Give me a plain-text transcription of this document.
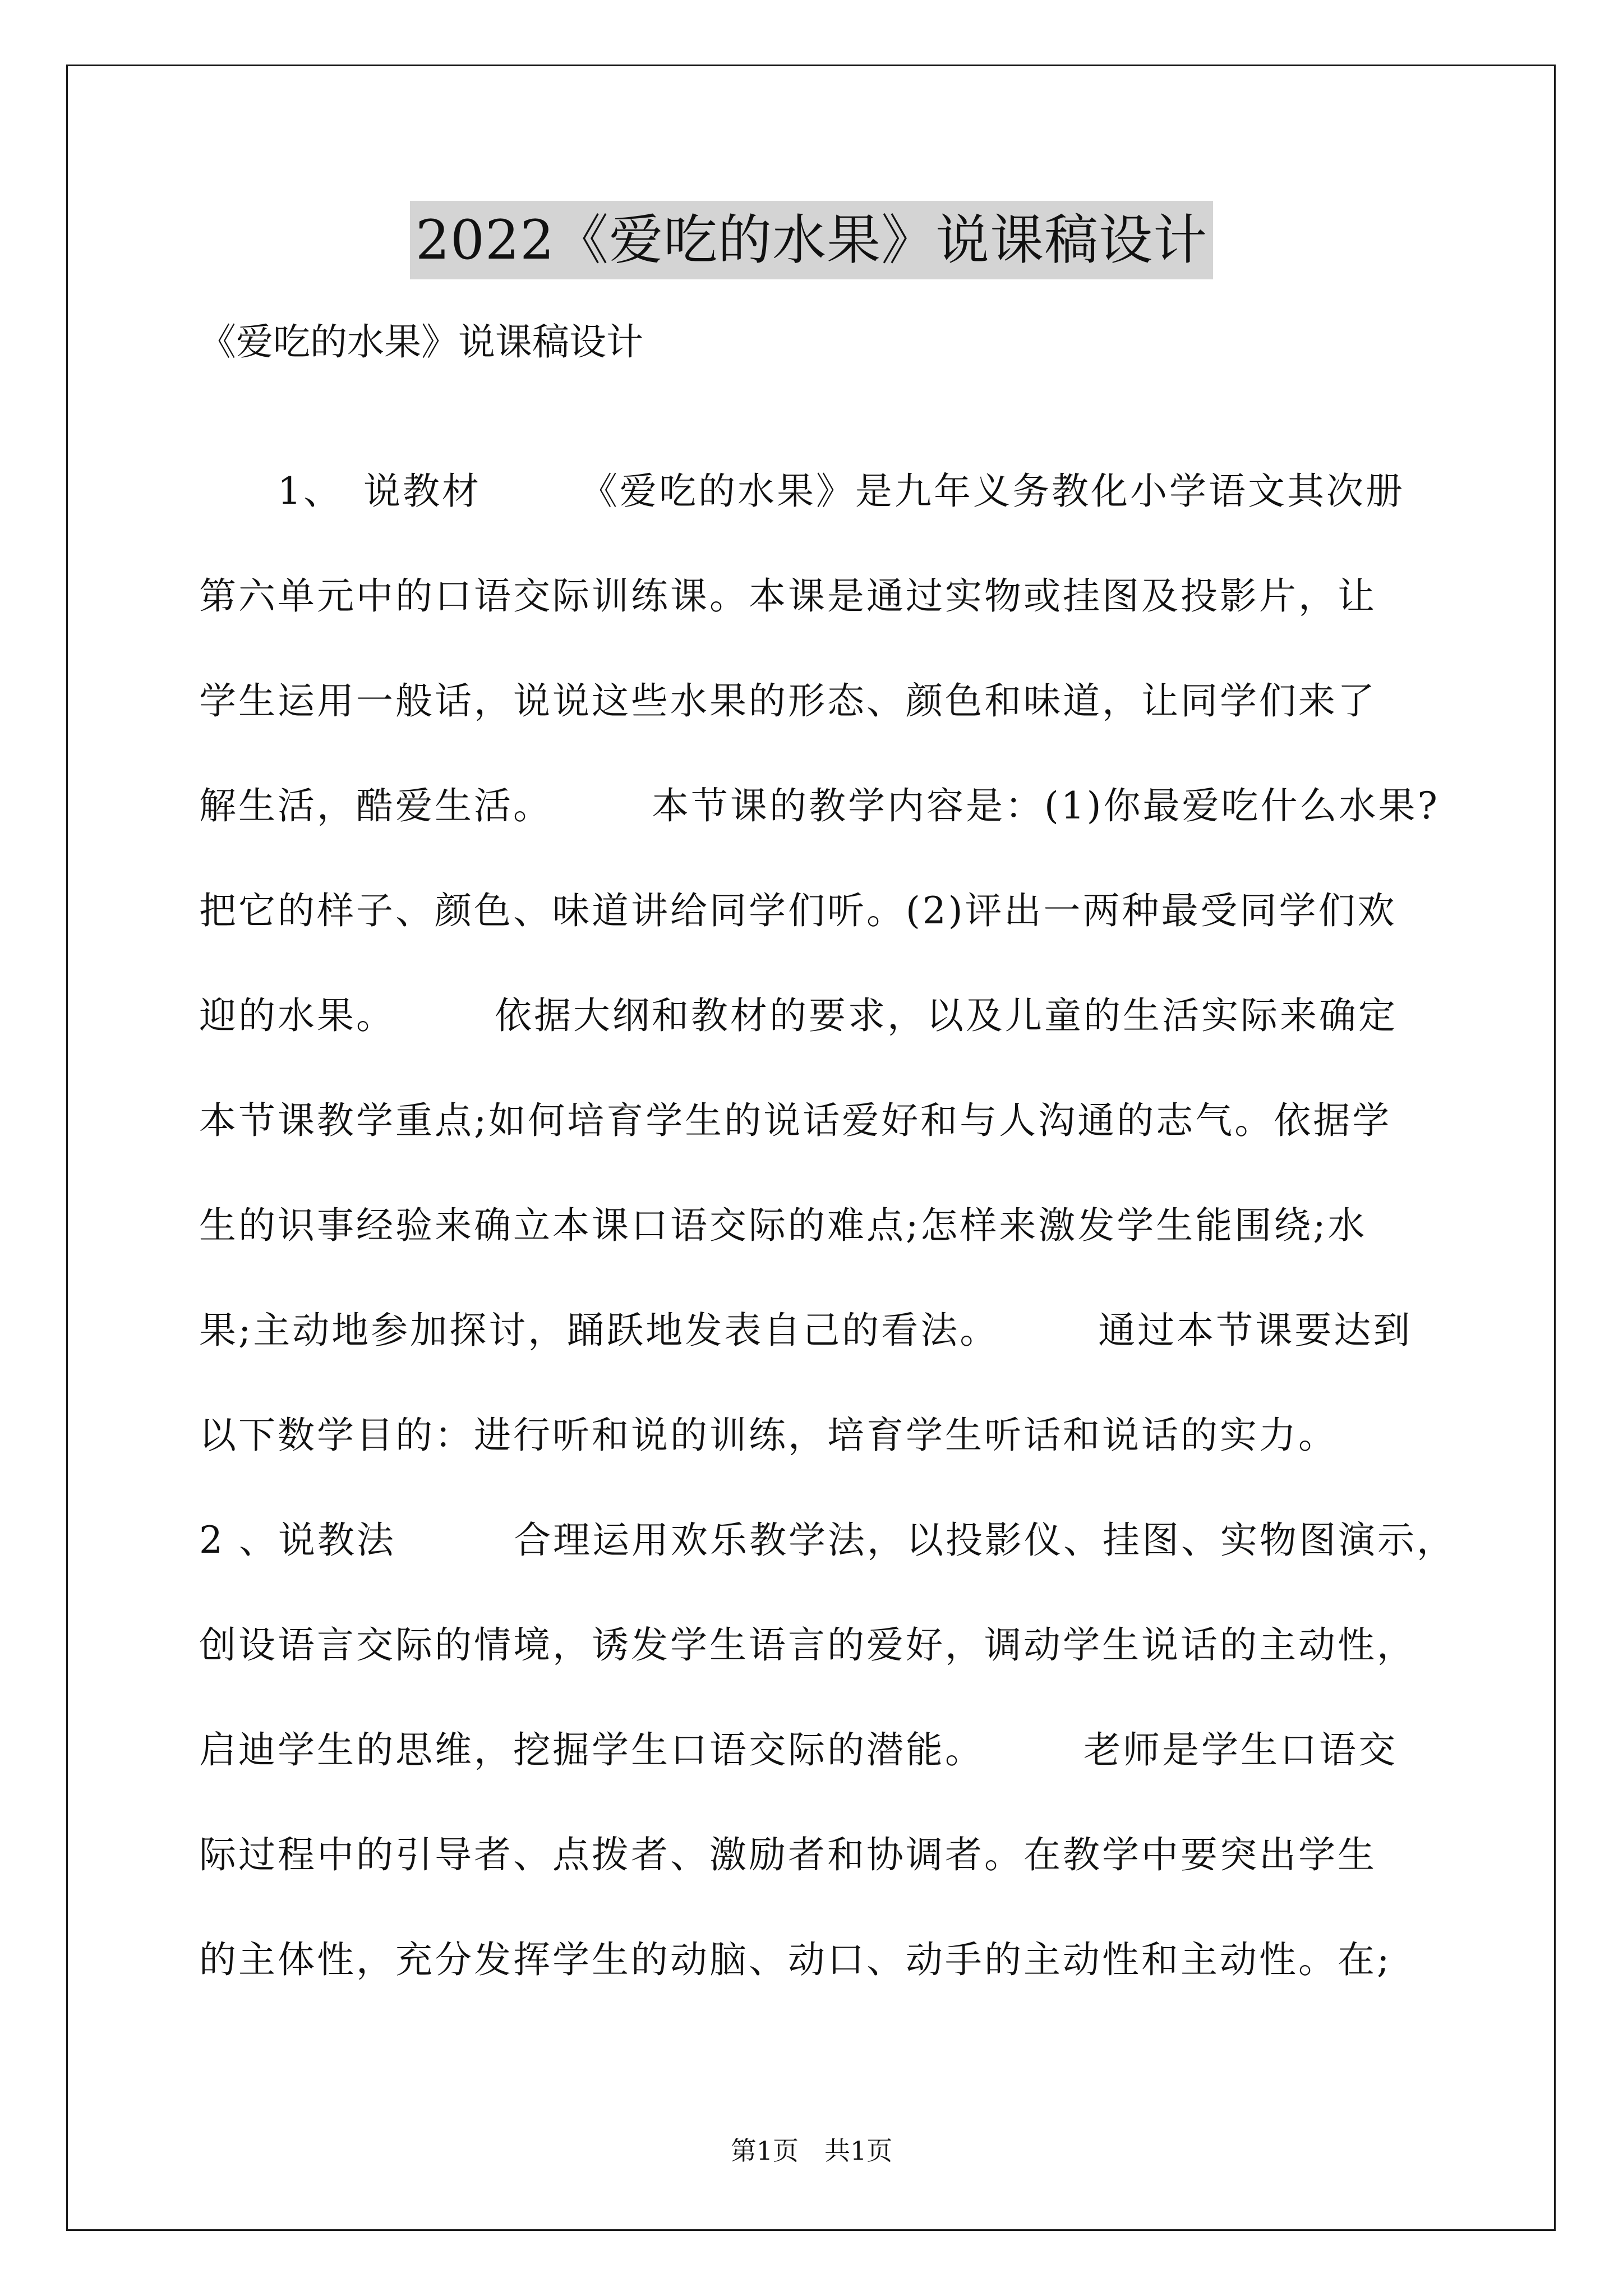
2022《爱吃的水果》说课稿设计

《爱吃的水果》说课稿设计

　　1、　说教材　　　《爱吃的水果》是九年义务教化小学语文其次册

第六单元中的口语交际训练课。本课是通过实物或挂图及投影片，让

学生运用一般话，说说这些水果的形态、颜色和味道，让同学们来了

解生活，酷爱生活。　　　本节课的教学内容是：(1)你最爱吃什么水果?

把它的样子、颜色、味道讲给同学们听。(2)评出一两种最受同学们欢

迎的水果。　　　依据大纲和教材的要求，以及儿童的生活实际来确定

本节课教学重点;如何培育学生的说话爱好和与人沟通的志气。依据学

生的识事经验来确立本课口语交际的难点;怎样来激发学生能围绕;水

果;主动地参加探讨，踊跃地发表自己的看法。　　　通过本节课要达到

以下数学目的：进行听和说的训练，培育学生听话和说话的实力。

2 、说教法　　　合理运用欢乐教学法，以投影仪、挂图、实物图演示，

创设语言交际的情境，诱发学生语言的爱好，调动学生说话的主动性，

启迪学生的思维，挖掘学生口语交际的潜能。　　　老师是学生口语交

际过程中的引导者、点拨者、激励者和协调者。在教学中要突出学生

的主体性，充分发挥学生的动脑、动口、动手的主动性和主动性。在;

第1页　共1页
